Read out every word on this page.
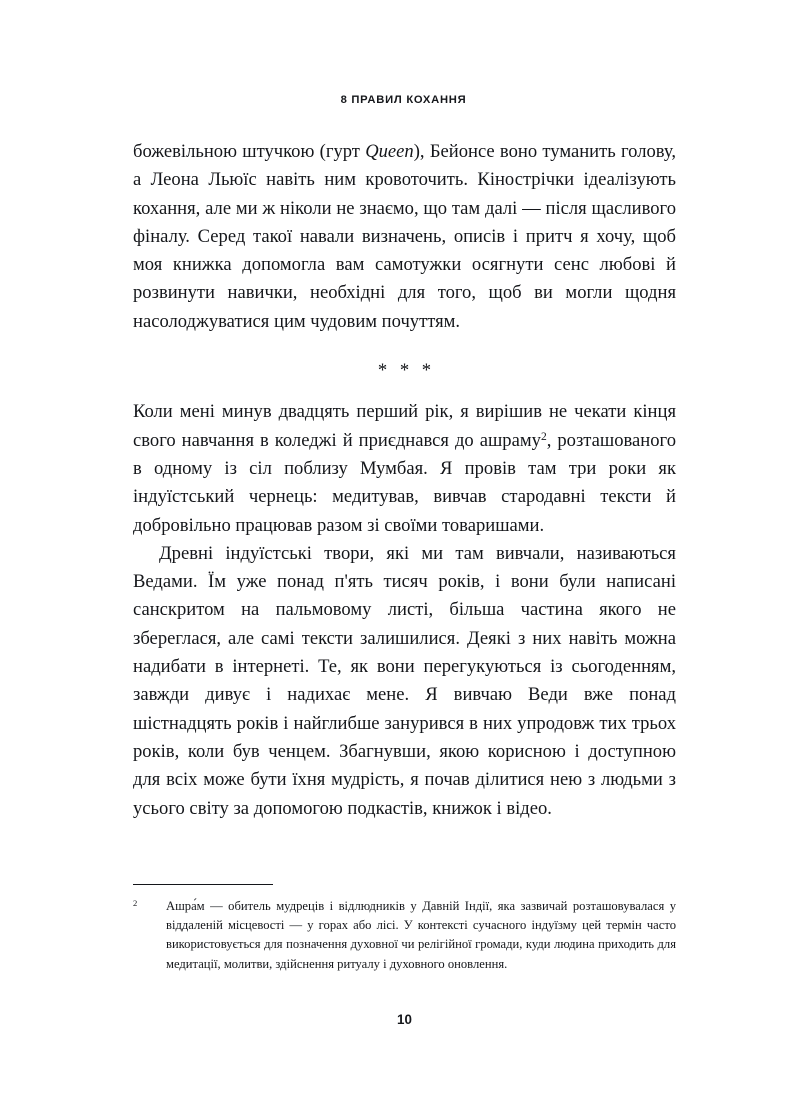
8 ПРАВИЛ КОХАННЯ

божевільною штучкою (гурт Queen), Бейонсе воно туманить голову, а Леона Льюїс навіть ним кровоточить. Кінострічки ідеалізують кохання, але ми ж ніколи не знаємо, що там далі — після щасливого фіналу. Серед такої навали визначень, описів і притч я хочу, щоб моя книжка допомогла вам самотужки осягнути сенс любові й розвинути навички, необхідні для того, щоб ви могли щодня насолоджуватися цим чудовим почуттям.

* * *

Коли мені минув двадцять перший рік, я вирішив не чекати кінця свого навчання в коледжі й приєднався до ашраму$^2$, розташованого в одному із сіл поблизу Мумбая. Я провів там три роки як індуїстський чернець: медитував, вивчав стародавні тексти й добровільно працював разом зі своїми товаришами.

Древні індуїстські твори, які ми там вивчали, називаються Ведами. Їм уже понад п'ять тисяч років, і вони були написані санскритом на пальмовому листі, більша частина якого не збереглася, але самі тексти залишилися. Деякі з них навіть можна надибати в інтернеті. Те, як вони перегукуються із сьогоденням, завжди дивує і надихає мене. Я вивчаю Веди вже понад шістнадцять років і найглибше занурився в них упродовж тих трьох років, коли був ченцем. Збагнувши, якою корисною і доступною для всіх може бути їхня мудрість, я почав ділитися нею з людьми з усього світу за допомогою подкастів, книжок і відео.

2 Ашра́м — обитель мудреців і відлюдників у Давній Індії, яка зазвичай розташовувалася у віддаленій місцевості — у горах або лісі. У контексті сучасного індуїзму цей термін часто використовується для позначення духовної чи релігійної громади, куди людина приходить для медитації, молитви, здійснення ритуалу і духовного оновлення.

10
